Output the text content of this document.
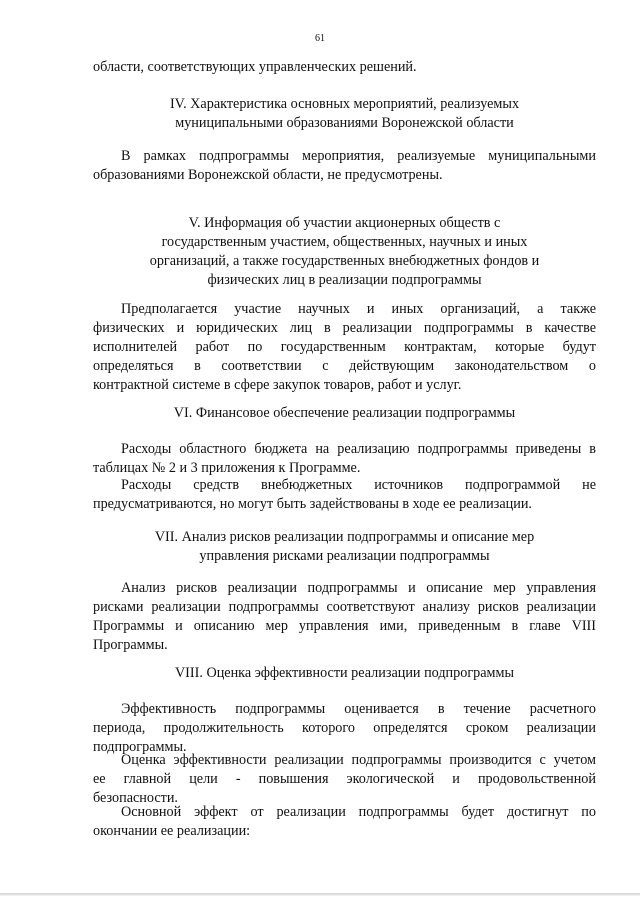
61
области, соответствующих управленческих решений.
IV. Характеристика основных мероприятий, реализуемых
муниципальными образованиями Воронежской области
В рамках подпрограммы мероприятия, реализуемые муниципальными
образованиями Воронежской области, не предусмотрены.
V. Информация об участии акционерных обществ с
государственным участием, общественных, научных и иных
организаций, а также государственных внебюджетных фондов и
физических лиц в реализации подпрограммы
Предполагается участие научных и иных организаций, а также
физических и юридических лиц в реализации подпрограммы в качестве
исполнителей работ по государственным контрактам, которые будут
определяться в соответствии с действующим законодательством о
контрактной системе в сфере закупок товаров, работ и услуг.
VI. Финансовое обеспечение реализации подпрограммы
Расходы областного бюджета на реализацию подпрограммы приведены в
таблицах № 2 и 3 приложения к Программе.
Расходы средств внебюджетных источников подпрограммой не
предусматриваются, но могут быть задействованы в ходе ее реализации.
VII. Анализ рисков реализации подпрограммы и описание мер
управления рисками реализации подпрограммы
Анализ рисков реализации подпрограммы и описание мер управления
рисками реализации подпрограммы соответствуют анализу рисков реализации
Программы и описанию мер управления ими, приведенным в главе VIII
Программы.
VIII. Оценка эффективности реализации подпрограммы
Эффективность подпрограммы оценивается в течение расчетного
периода, продолжительность которого определятся сроком реализации
подпрограммы.
Оценка эффективности реализации подпрограммы производится с учетом
ее главной цели - повышения экологической и продовольственной
безопасности.
Основной эффект от реализации подпрограммы будет достигнут по
окончании ее реализации:
